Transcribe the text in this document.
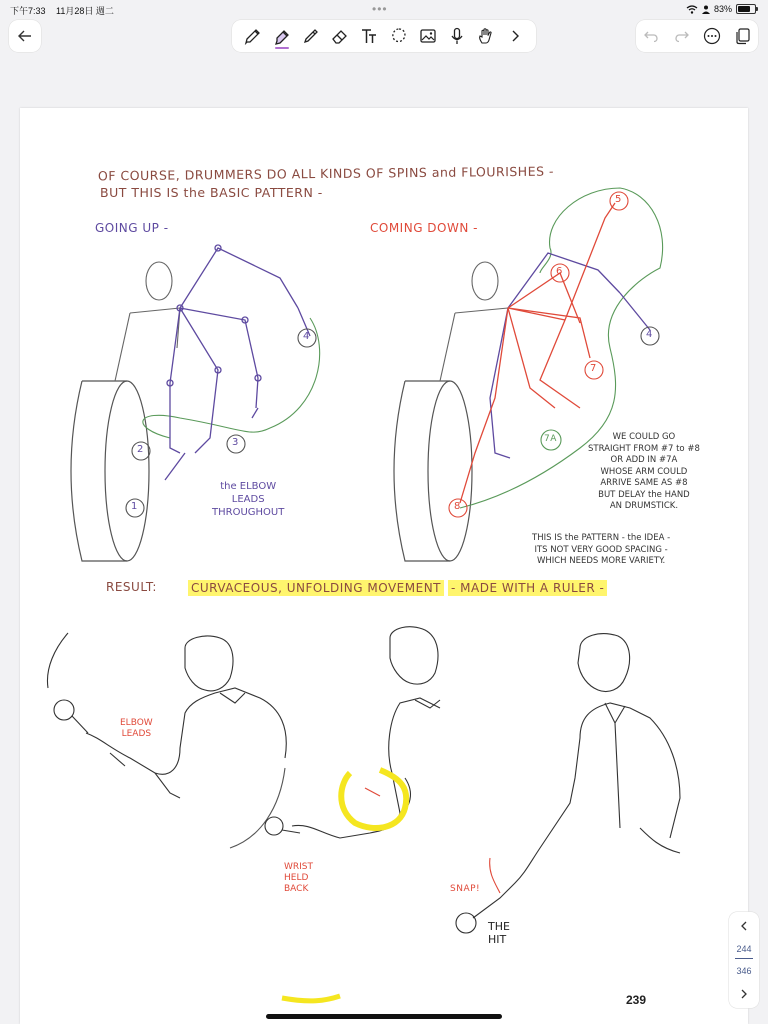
下午7:33 11月28日 週二	•••	83%
OF COURSE, DRUMMERS DO ALL KINDS OF SPINS and FLOURISHES -
BUT THIS IS the BASIC PATTERN -
GOING UP -	COMING DOWN -
1
2
3
4
5
6
7
7A
8
4
the ELBOW
LEADS
THROUGHOUT
WE COULD GO
STRAIGHT FROM #7 to #8
OR ADD IN #7A
WHOSE ARM COULD
ARRIVE SAME AS #8
BUT DELAY the HAND
AN DRUMSTICK.
THIS IS the PATTERN - the IDEA -
ITS NOT VERY GOOD SPACING -
WHICH NEEDS MORE VARIETY.
RESULT:	CURVACEOUS, UNFOLDING MOVEMENT - MADE WITH A RULER -
ELBOW
LEADS
WRIST
HELD
BACK	SNAP!
THE
HIT
239
244
346
